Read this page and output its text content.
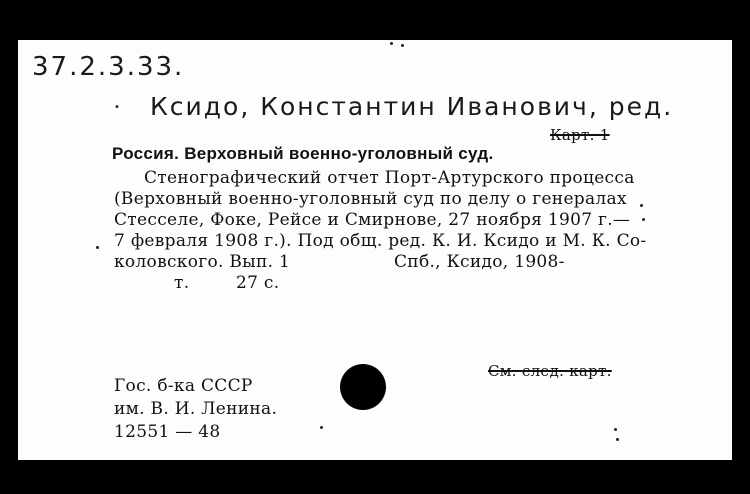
37.2.3.33.
• Ксидо, Константин Иванович, ред.
Карт. 1
Россия. Верховный военно-уголовный суд.
Стенографический отчет Порт-Артурского процесса
(Верховный военно-уголовный суд по делу о генералах
Стесселе, Фоке, Рейсе и Смирнове, 27 ноября 1907 г.—
7 февраля 1908 г.). Под общ. ред. К. И. Ксидо и М. К. Со-
коловского. Вып. 1	Спб., Ксидо, 1908-
т.	27 с.
См. след. карт.
Гос. б-ка СССР
им. В. И. Ленина.
12551 — 48
